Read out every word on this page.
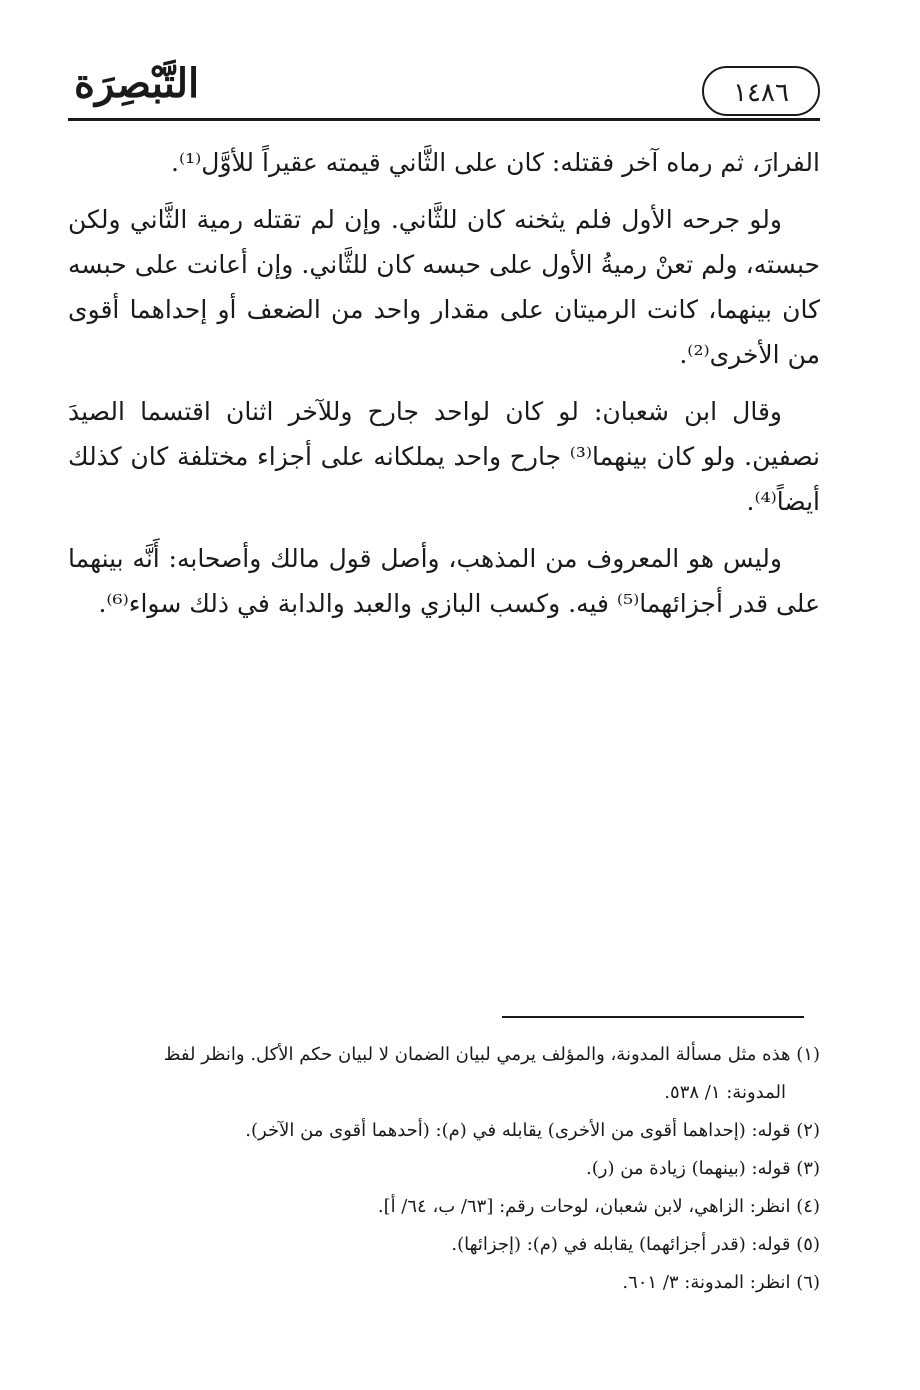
التَّبْصِرَة	١٤٨٦

الفرارَ، ثم رماه آخر فقتله: كان على الثَّاني قيمته عقيراً للأوَّل⁽¹⁾.

ولو جرحه الأول فلم يثخنه كان للثَّاني. وإن لم تقتله رمية الثَّاني ولكن حبسته، ولم تعنْ رميةُ الأول على حبسه كان للثَّاني. وإن أعانت على حبسه كان بينهما، كانت الرميتان على مقدار واحد من الضعف أو إحداهما أقوى من الأخرى⁽²⁾.

وقال ابن شعبان: لو كان لواحد جارح وللآخر اثنان اقتسما الصيدَ نصفين. ولو كان بينهما⁽³⁾ جارح واحد يملكانه على أجزاء مختلفة كان كذلك أيضاً⁽⁴⁾.

وليس هو المعروف من المذهب، وأصل قول مالك وأصحابه: أَنَّه بينهما على قدر أجزائهما⁽⁵⁾ فيه. وكسب البازي والعبد والدابة في ذلك سواء⁽⁶⁾.

(١) هذه مثل مسألة المدونة، والمؤلف يرمي لبيان الضمان لا لبيان حكم الأكل. وانظر لفظ
المدونة: ١/ ٥٣٨.
(٢) قوله: (إحداهما أقوى من الأخرى) يقابله في (م): (أحدهما أقوى من الآخر).
(٣) قوله: (بينهما) زيادة من (ر).
(٤) انظر: الزاهي، لابن شعبان، لوحات رقم: [٦٣/ ب، ٦٤/ أ].
(٥) قوله: (قدر أجزائهما) يقابله في (م): (إجزائها).
(٦) انظر: المدونة: ٣/ ٦٠١.
